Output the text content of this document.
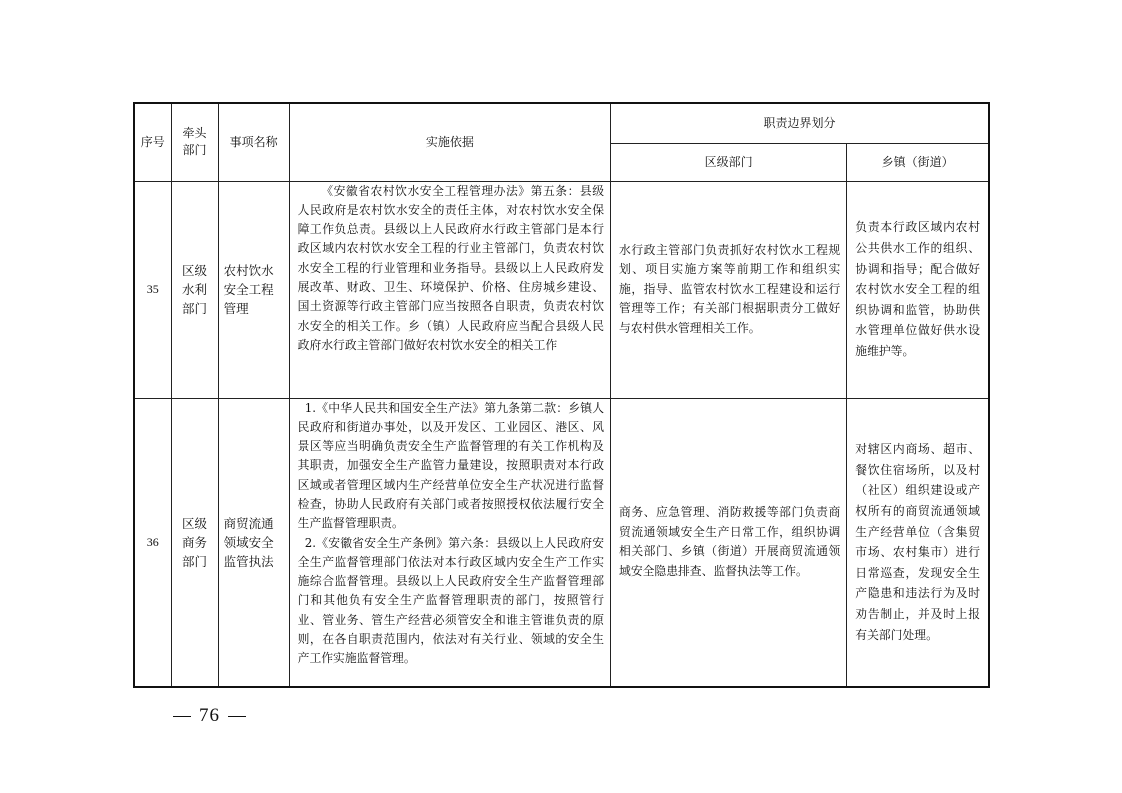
序号	牵头部门	事项名称	实施依据	职责边界划分	
				区级部门	乡镇（街道）
35	区级水利部门	农村饮水安全工程管理	《安徽省农村饮水安全工程管理办法》第五条：县级人民政府是农村饮水安全的责任主体，对农村饮水安全保障工作负总责。县级以上人民政府水行政主管部门是本行政区域内农村饮水安全工程的行业主管部门，负责农村饮水安全工程的行业管理和业务指导。县级以上人民政府发展改革、财政、卫生、环境保护、价格、住房城乡建设、国土资源等行政主管部门应当按照各自职责，负责农村饮水安全的相关工作。乡（镇）人民政府应当配合县级人民政府水行政主管部门做好农村饮水安全的相关工作	水行政主管部门负责抓好农村饮水工程规划、项目实施方案等前期工作和组织实施，指导、监管农村饮水工程建设和运行管理等工作；有关部门根据职责分工做好与农村供水管理相关工作。	负责本行政区域内农村公共供水工作的组织、协调和指导；配合做好农村饮水安全工程的组织协调和监管，协助供水管理单位做好供水设施维护等。
36	区级商务部门	商贸流通领域安全监管执法	1.《中华人民共和国安全生产法》第九条第二款：乡镇人民政府和街道办事处，以及开发区、工业园区、港区、风景区等应当明确负责安全生产监督管理的有关工作机构及其职责，加强安全生产监管力量建设，按照职责对本行政区域或者管理区域内生产经营单位安全生产状况进行监督检查，协助人民政府有关部门或者按照授权依法履行安全生产监督管理职责。

2.《安徽省安全生产条例》第六条：县级以上人民政府安全生产监督管理部门依法对本行政区域内安全生产工作实施综合监督管理。县级以上人民政府安全生产监督管理部门和其他负有安全生产监督管理职责的部门，按照管行业、管业务、管生产经营必须管安全和谁主管谁负责的原则，在各自职责范围内，依法对有关行业、领域的安全生产工作实施监督管理。	商务、应急管理、消防救援等部门负责商贸流通领域安全生产日常工作，组织协调相关部门、乡镇（街道）开展商贸流通领域安全隐患排查、监督执法等工作。	对辖区内商场、超市、餐饮住宿场所，以及村（社区）组织建设或产权所有的商贸流通领域生产经营单位（含集贸市场、农村集市）进行日常巡查，发现安全生产隐患和违法行为及时劝告制止，并及时上报有关部门处理。
76
